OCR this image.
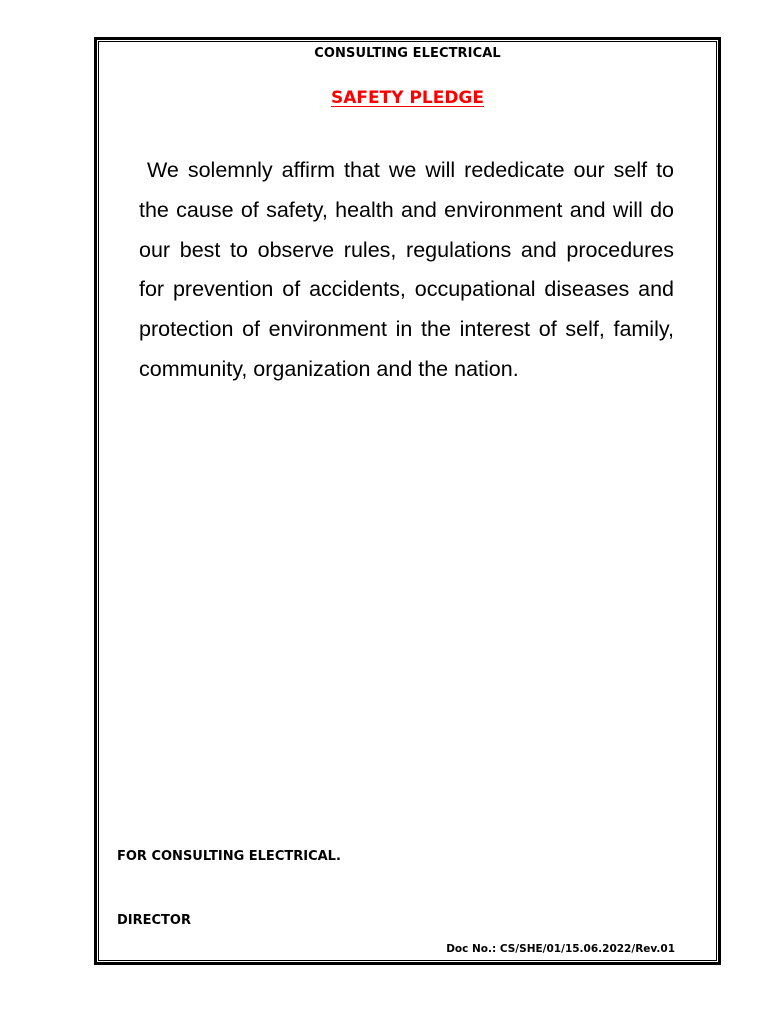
CONSULTING ELECTRICAL
SAFETY PLEDGE

We solemnly affirm that we will rededicate our self to the cause of safety, health and environment and will do our best to observe rules, regulations and procedures for prevention of accidents, occupational diseases and protection of environment in the interest of self, family, community, organization and the nation.

FOR CONSULTING ELECTRICAL.
DIRECTOR
Doc No.: CS/SHE/01/15.06.2022/Rev.01
